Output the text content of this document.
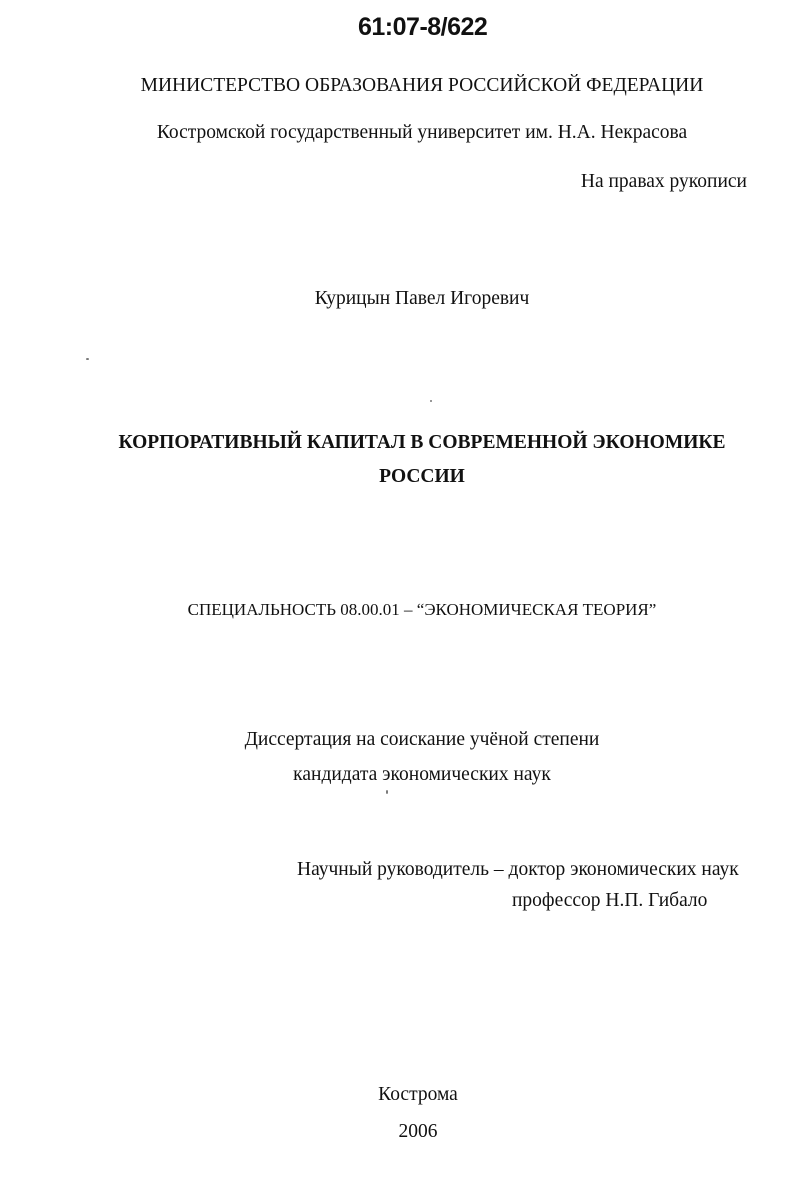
61:07-8/622
МИНИСТЕРСТВО ОБРАЗОВАНИЯ РОССИЙСКОЙ ФЕДЕРАЦИИ
Костромской государственный университет им. Н.А. Некрасова
На правах рукописи
Курицын Павел Игоревич
КОРПОРАТИВНЫЙ КАПИТАЛ В СОВРЕМЕННОЙ ЭКОНОМИКЕ
РОССИИ
СПЕЦИАЛЬНОСТЬ 08.00.01 – “ЭКОНОМИЧЕСКАЯ ТЕОРИЯ”
Диссертация на соискание учёной степени
кандидата экономических наук
Научный руководитель – доктор экономических наук
профессор Н.П. Гибало
Кострома
2006
